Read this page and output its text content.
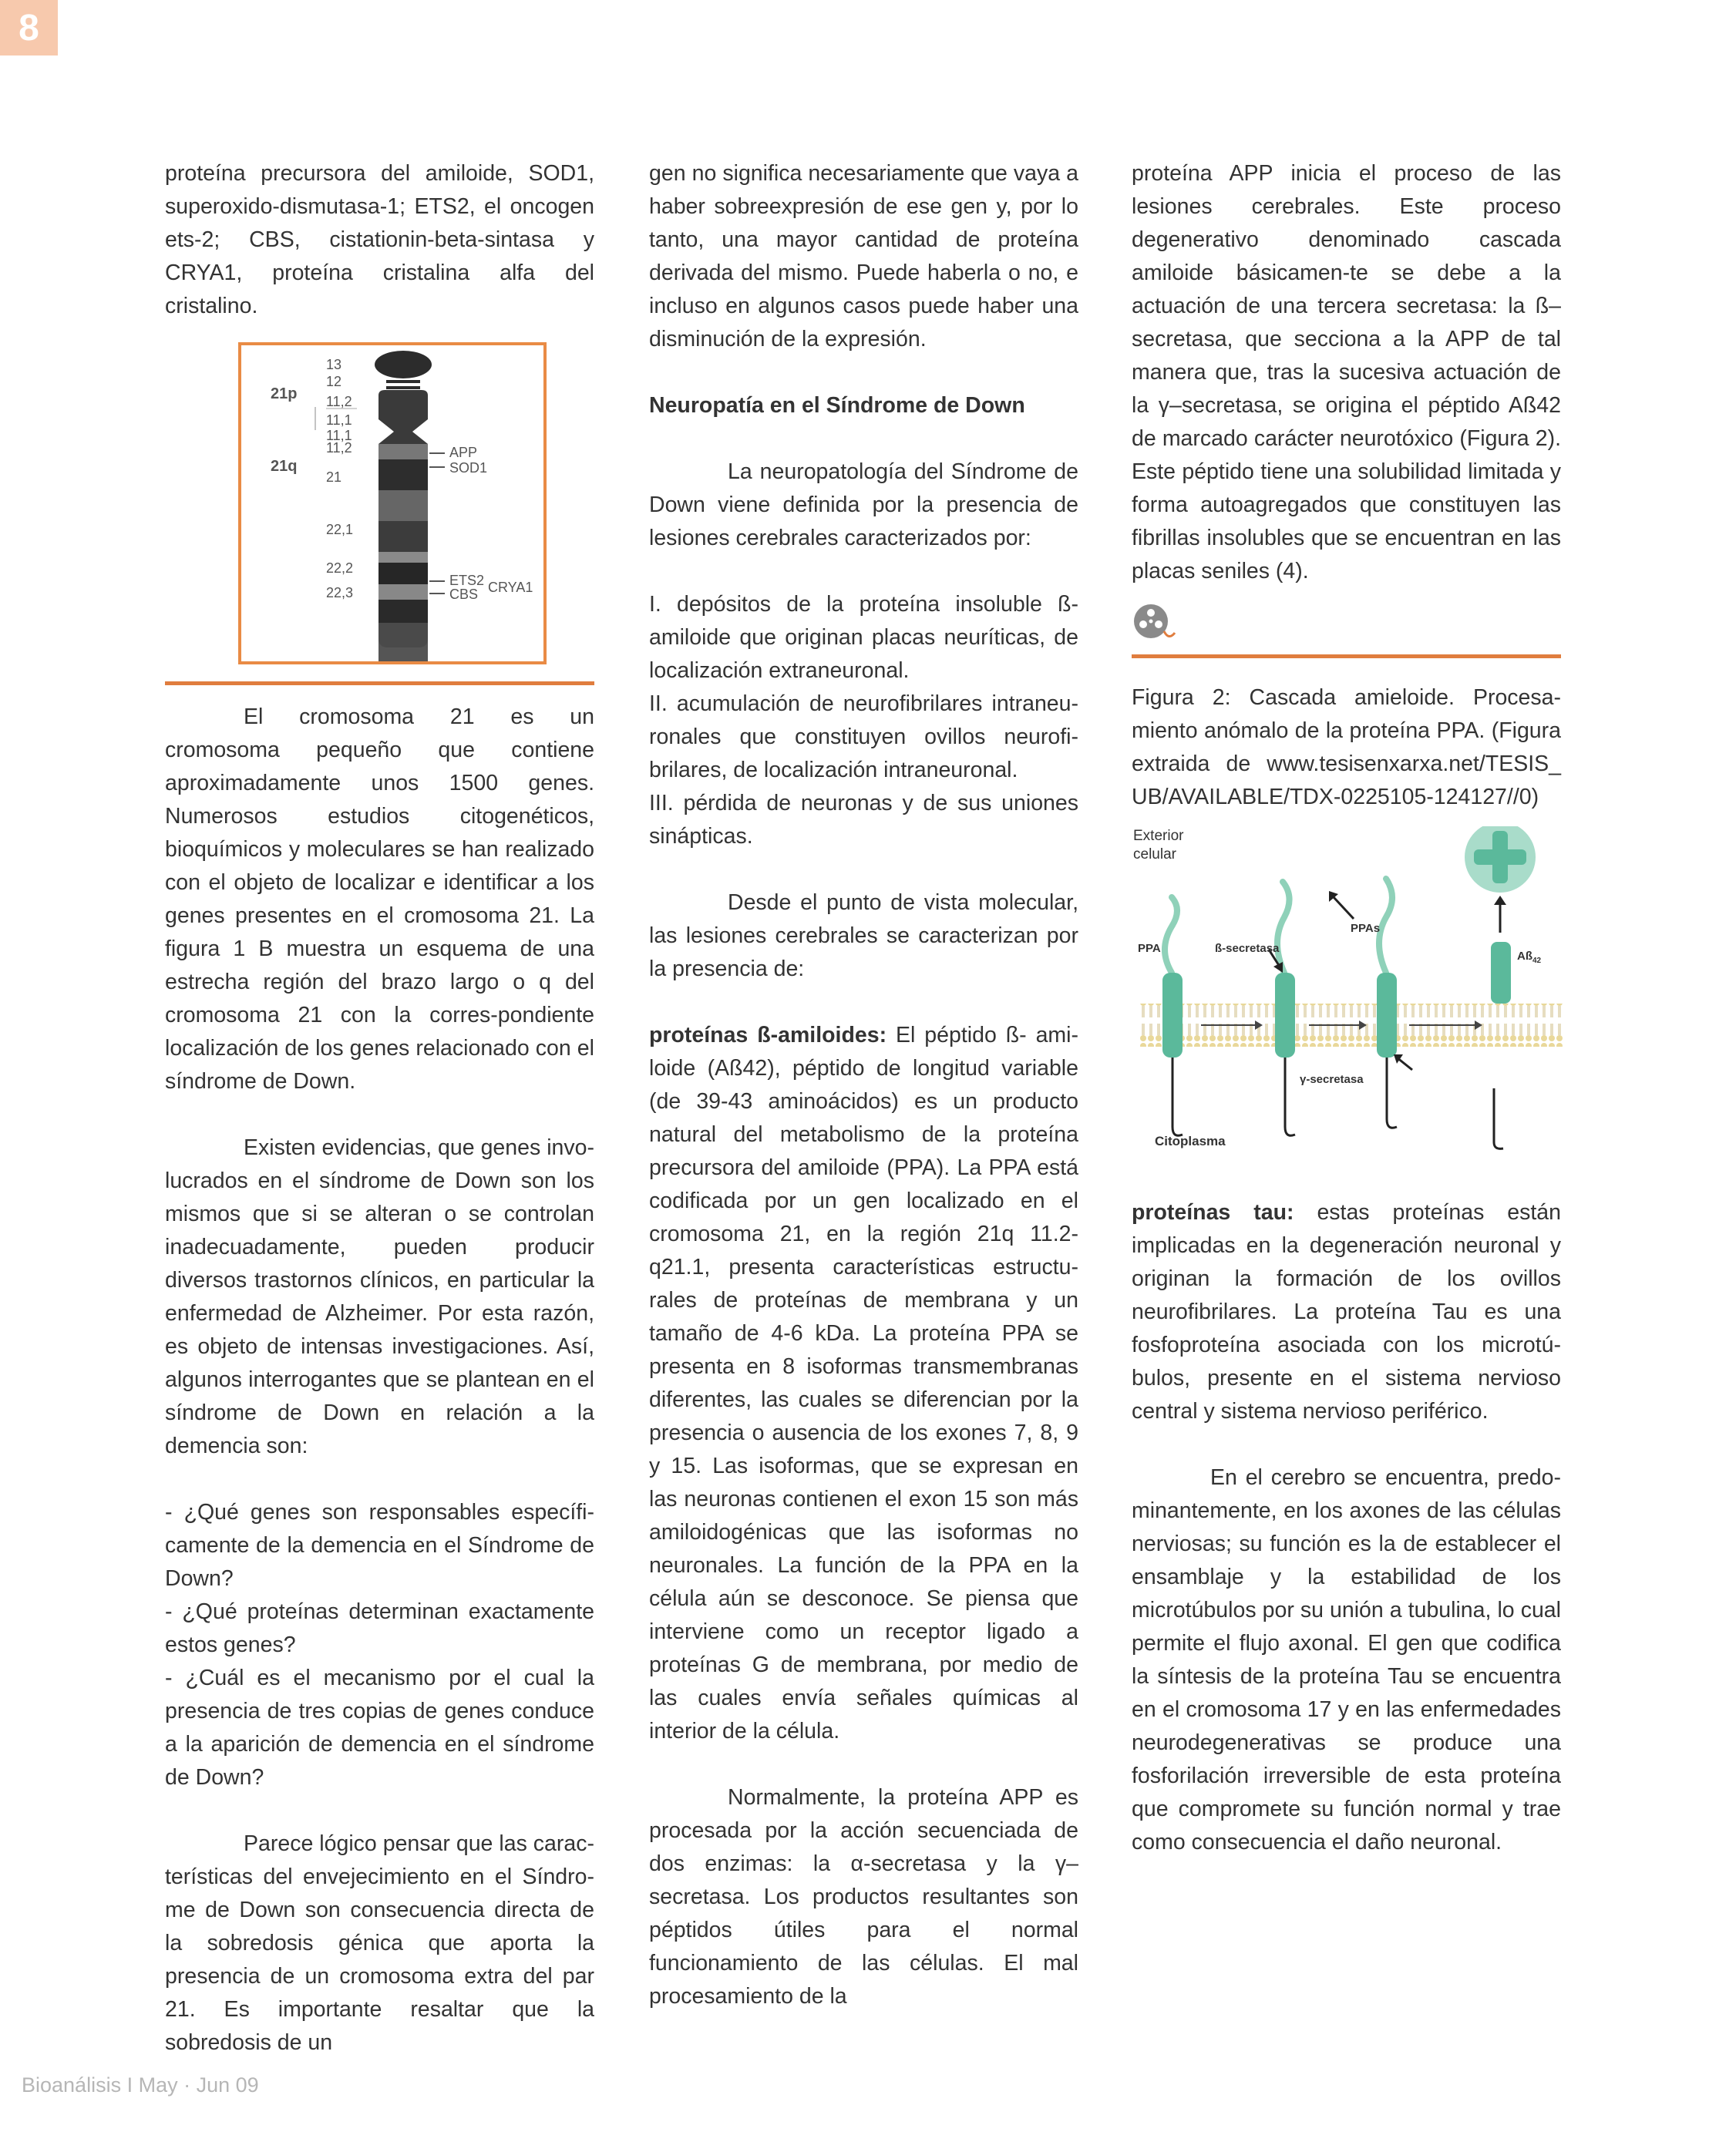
8

proteína precursora del amiloide, SOD1, superoxido-dismutasa-1; ETS2, el oncogen ets-2; CBS, cistationin-beta-sintasa y CRYA1, proteína cristalina alfa del cristalino.

21p
21q
13
12
11,2
11,1
11,1
11,2
21
22,1
22,2
22,3
APP
SOD1
ETS2
CBS CRYA1

El cromosoma 21 es un cromosoma pequeño que contiene aproximadamente unos 1500 genes. Numerosos estudios citogenéticos, bioquímicos y moleculares se han realizado con el objeto de localizar e identificar a los genes presentes en el cromosoma 21. La figura 1 B muestra un esquema de una estrecha región del brazo largo o q del cromosoma 21 con la corres-pondiente localización de los genes relacionado con el síndrome de Down.

Existen evidencias, que genes invo-lucrados en el síndrome de Down son los mismos que si se alteran o se controlan inadecuadamente, pueden producir diversos trastornos clínicos, en particular la enfermedad de Alzheimer. Por esta razón, es objeto de intensas investigaciones. Así, algunos interrogantes que se plantean en el síndrome de Down en relación a la demencia son:

- ¿Qué genes son responsables específi-camente de la demencia en el Síndrome de Down?

- ¿Qué proteínas determinan exactamente estos genes?

- ¿Cuál es el mecanismo por el cual la presencia de tres copias de genes conduce a la aparición de demencia en el síndrome de Down?

Parece lógico pensar que las carac-terísticas del envejecimiento en el Síndro-me de Down son consecuencia directa de la sobredosis génica que aporta la presencia de un cromosoma extra del par 21. Es importante resaltar que la sobredosis de un

gen no significa necesariamente que vaya a haber sobreexpresión de ese gen y, por lo tanto, una mayor cantidad de proteína derivada del mismo. Puede haberla o no, e incluso en algunos casos puede haber una disminución de la expresión.

Neuropatía en el Síndrome de Down

La neuropatología del Síndrome de Down viene definida por la presencia de lesiones cerebrales caracterizados por:

I. depósitos de la proteína insoluble ß-amiloide que originan placas neuríticas, de localización extraneuronal.

II. acumulación de neurofibrilares intraneu-ronales que constituyen ovillos neurofi-brilares, de localización intraneuronal.

III. pérdida de neuronas y de sus uniones sinápticas.

Desde el punto de vista molecular, las lesiones cerebrales se caracterizan por la presencia de:

proteínas ß-amiloides: El péptido ß- ami-loide (Aß42), péptido de longitud variable (de 39-43 aminoácidos) es un producto natural del metabolismo de la proteína precursora del amiloide (PPA). La PPA está codificada por un gen localizado en el cromosoma 21, en la región 21q 11.2-q21.1, presenta características estructu-rales de proteínas de membrana y un tamaño de 4-6 kDa. La proteína PPA se presenta en 8 isoformas transmembranas diferentes, las cuales se diferencian por la presencia o ausencia de los exones 7, 8, 9 y 15. Las isoformas, que se expresan en las neuronas contienen el exon 15 son más amiloidogénicas que las isoformas no neuronales. La función de la PPA en la célula aún se desconoce. Se piensa que interviene como un receptor ligado a proteínas G de membrana, por medio de las cuales envía señales químicas al interior de la célula.

Normalmente, la proteína APP es procesada por la acción secuenciada de dos enzimas: la α-secretasa y la γ–secretasa. Los productos resultantes son péptidos útiles para el normal funcionamiento de las células. El mal procesamiento de la

proteína APP inicia el proceso de las lesiones cerebrales. Este proceso degenerativo denominado cascada amiloide básicamen-te se debe a la actuación de una tercera secretasa: la ß–secretasa, que secciona a la APP de tal manera que, tras la sucesiva actuación de la γ–secretasa, se origina el péptido Aß42 de marcado carácter neurotóxico (Figura 2). Este péptido tiene una solubilidad limitada y forma autoagregados que constituyen las fibrillas insolubles que se encuentran en las placas seniles (4).

Figura 2: Cascada amieloide. Procesa-miento anómalo de la proteína PPA. (Figura extraida de www.tesisenxarxa.net/TESIS_ UB/AVAILABLE/TDX-0225105-124127//0)

Exterior
celular
PPA	ß-secretasa
PPAs
$Aß_{42}$
γ-secretasa
Citoplasma

proteínas tau: estas proteínas están implicadas en la degeneración neuronal y originan la formación de los ovillos neurofibrilares. La proteína Tau es una fosfoproteína asociada con los microtú-bulos, presente en el sistema nervioso central y sistema nervioso periférico.

En el cerebro se encuentra, predo-minantemente, en los axones de las células nerviosas; su función es la de establecer el ensamblaje y la estabilidad de los microtúbulos por su unión a tubulina, lo cual permite el flujo axonal. El gen que codifica la síntesis de la proteína Tau se encuentra en el cromosoma 17 y en las enfermedades neurodegenerativas se produce una fosforilación irreversible de esta proteína que compromete su función normal y trae como consecuencia el daño neuronal.

Bioanálisis I May · Jun 09
